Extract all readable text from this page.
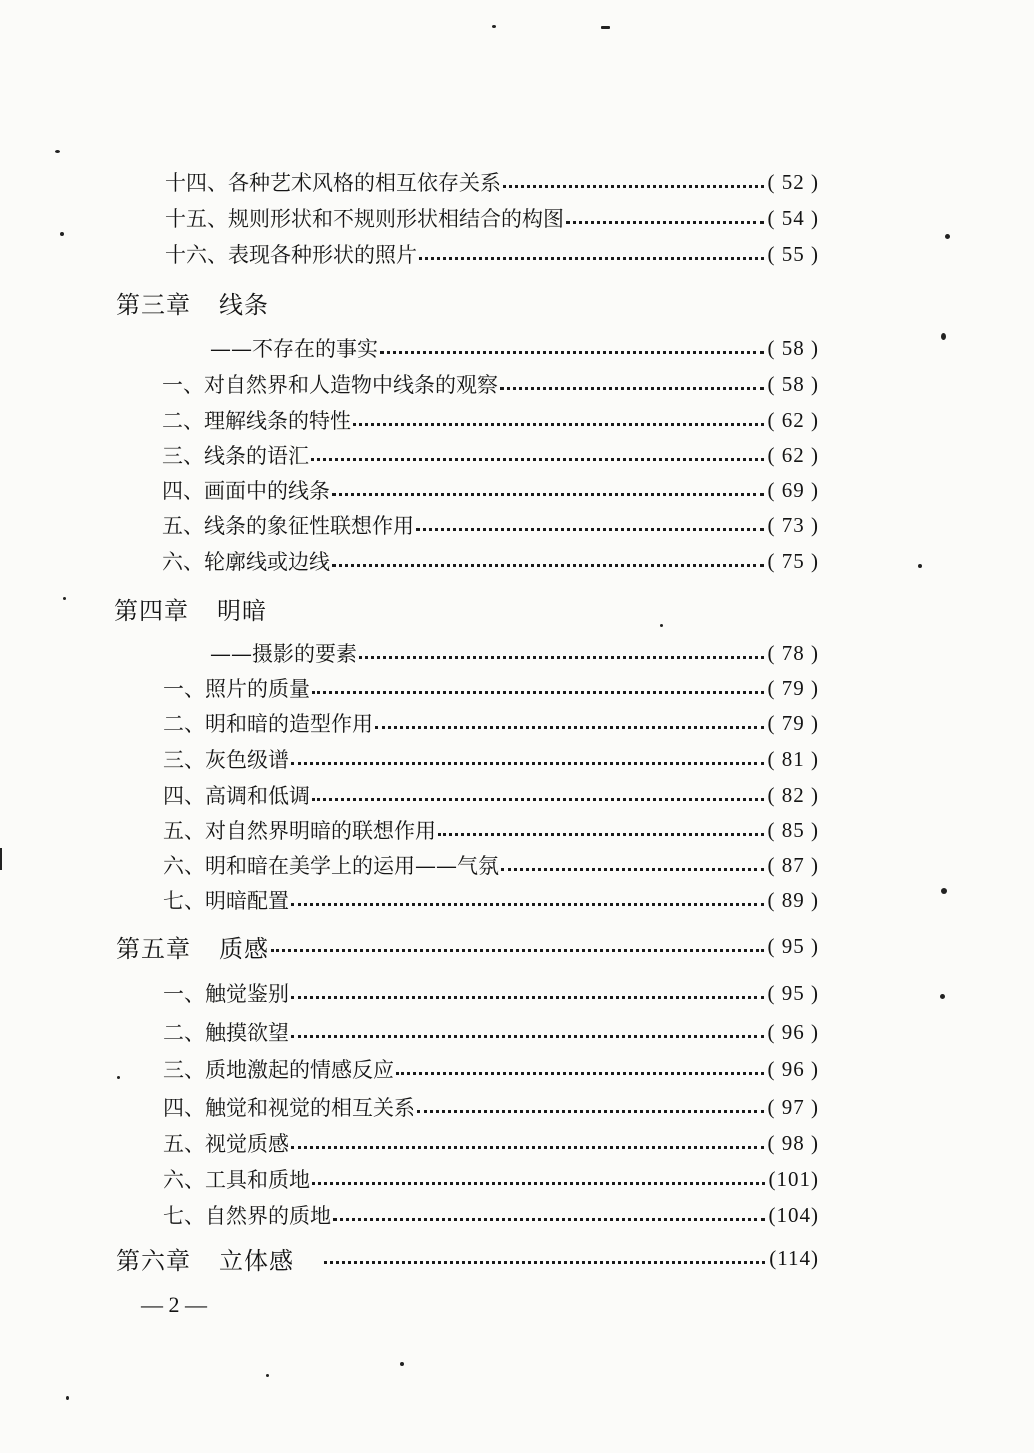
十四、各种艺术风格的相互依存关系	( 52 )
十五、规则形状和不规则形状相结合的构图	( 54 )
十六、表现各种形状的照片	( 55 )
第三章 线条
——不存在的事实	( 58 )
一、对自然界和人造物中线条的观察	( 58 )
二、理解线条的特性	( 62 )
三、线条的语汇	( 62 )
四、画面中的线条	( 69 )
五、线条的象征性联想作用	( 73 )
六、轮廓线或边线	( 75 )
第四章 明暗
——摄影的要素	( 78 )
一、照片的质量	( 79 )
二、明和暗的造型作用	( 79 )
三、灰色级谱	( 81 )
四、高调和低调	( 82 )
五、对自然界明暗的联想作用	( 85 )
六、明和暗在美学上的运用——气氛	( 87 )
七、明暗配置	( 89 )
第五章 质感	( 95 )
一、触觉鉴别	( 95 )
二、触摸欲望	( 96 )
三、质地激起的情感反应	( 96 )
四、触觉和视觉的相互关系	( 97 )
五、视觉质感	( 98 )
六、工具和质地	(101)
七、自然界的质地	(104)
第六章 立体感	(114)
— 2 —
